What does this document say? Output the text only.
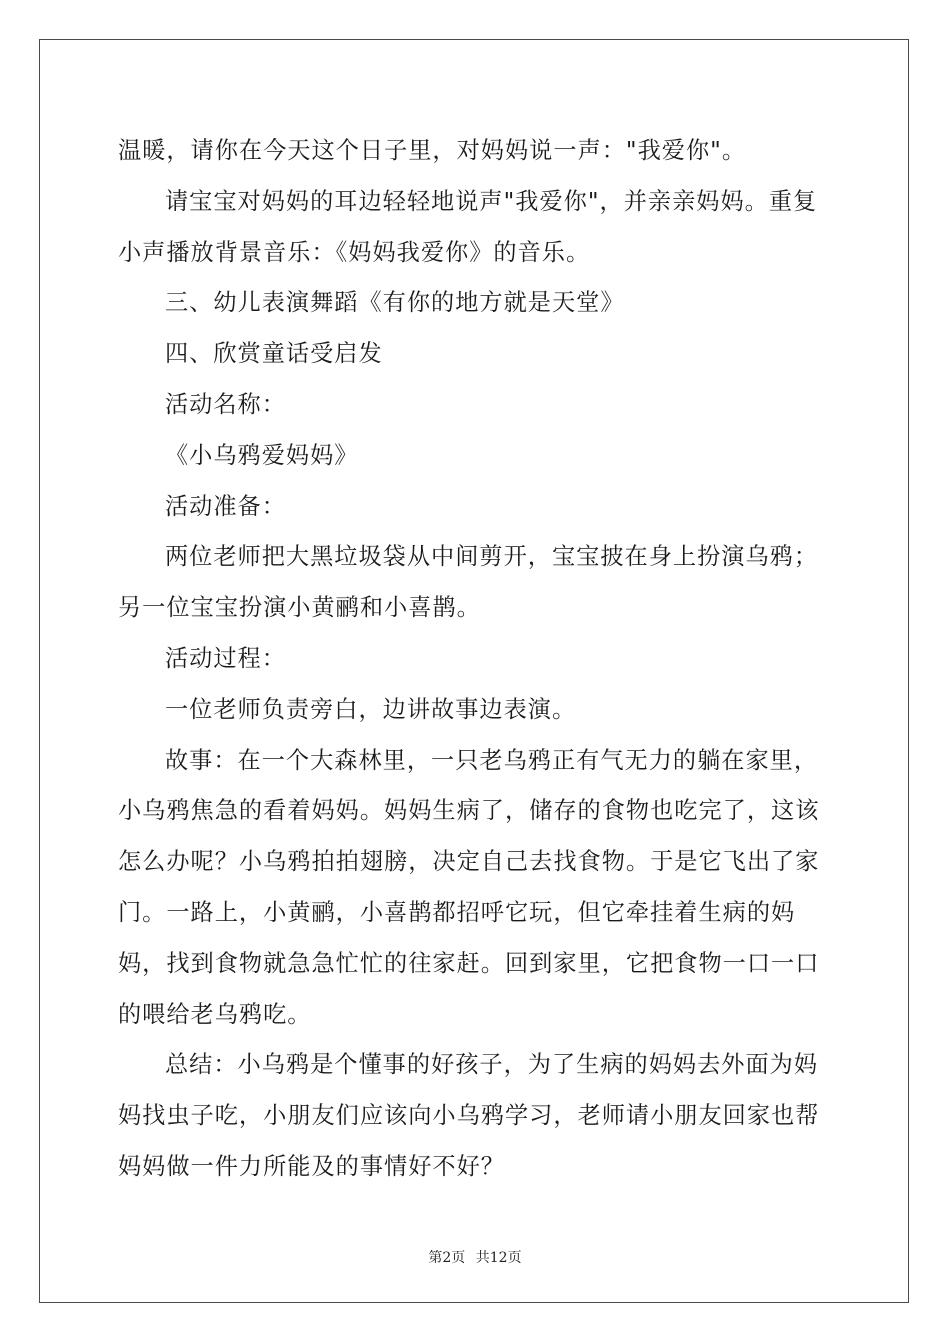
温暖，请你在今天这个日子里，对妈妈说一声："我爱你"。

请宝宝对妈妈的耳边轻轻地说声"我爱你"，并亲亲妈妈。重复小声播放背景音乐：《妈妈我爱你》的音乐。

三、幼儿表演舞蹈《有你的地方就是天堂》

四、欣赏童话受启发

活动名称：

《小乌鸦爱妈妈》

活动准备：

两位老师把大黑垃圾袋从中间剪开，宝宝披在身上扮演乌鸦；另一位宝宝扮演小黄鹂和小喜鹊。

活动过程：

一位老师负责旁白，边讲故事边表演。

故事：在一个大森林里，一只老乌鸦正有气无力的躺在家里，小乌鸦焦急的看着妈妈。妈妈生病了，储存的食物也吃完了，这该怎么办呢？小乌鸦拍拍翅膀，决定自己去找食物。于是它飞出了家门。一路上，小黄鹂，小喜鹊都招呼它玩，但它牵挂着生病的妈妈，找到食物就急急忙忙的往家赶。回到家里，它把食物一口一口的喂给老乌鸦吃。

总结：小乌鸦是个懂事的好孩子，为了生病的妈妈去外面为妈妈找虫子吃，小朋友们应该向小乌鸦学习，老师请小朋友回家也帮妈妈做一件力所能及的事情好不好？

第2页 共12页
